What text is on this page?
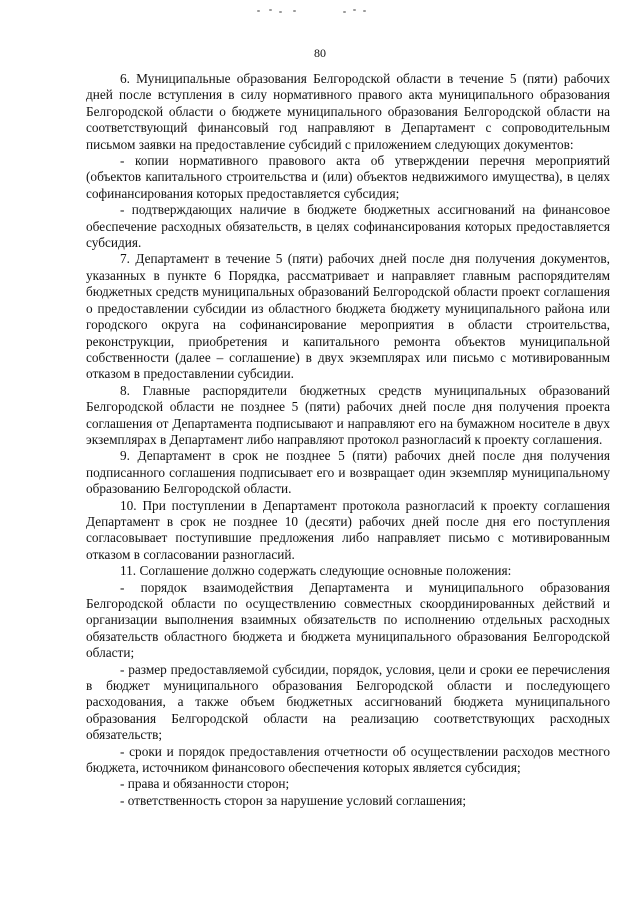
80

6. Муниципальные образования Белгородской области в течение 5 (пяти) рабочих дней после вступления в силу нормативного правого акта муниципального образования Белгородской области о бюджете муниципального образования Белгородской области на соответствующий финансовый год направляют в Департамент с сопроводительным письмом заявки на предоставление субсидий с приложением следующих документов:

- копии нормативного правового акта об утверждении перечня мероприятий (объектов капитального строительства и (или) объектов недвижимого имущества), в целях софинансирования которых предоставляется субсидия;

- подтверждающих наличие в бюджете бюджетных ассигнований на финансовое обеспечение расходных обязательств, в целях софинансирования которых предоставляется субсидия.

7. Департамент в течение 5 (пяти) рабочих дней после дня получения документов, указанных в пункте 6 Порядка, рассматривает и направляет главным распорядителям бюджетных средств муниципальных образований Белгородской области проект соглашения о предоставлении субсидии из областного бюджета бюджету муниципального района или городского округа на софинансирование мероприятия в области строительства, реконструкции, приобретения и капитального ремонта объектов муниципальной собственности (далее – соглашение) в двух экземплярах или письмо с мотивированным отказом в предоставлении субсидии.

8. Главные распорядители бюджетных средств муниципальных образований Белгородской области не позднее 5 (пяти) рабочих дней после дня получения проекта соглашения от Департамента подписывают и направляют его на бумажном носителе в двух экземплярах в Департамент либо направляют протокол разногласий к проекту соглашения.

9. Департамент в срок не позднее 5 (пяти) рабочих дней после дня получения подписанного соглашения подписывает его и возвращает один экземпляр муниципальному образованию Белгородской области.

10. При поступлении в Департамент протокола разногласий к проекту соглашения Департамент в срок не позднее 10 (десяти) рабочих дней после дня его поступления согласовывает поступившие предложения либо направляет письмо с мотивированным отказом в согласовании разногласий.

11. Соглашение должно содержать следующие основные положения:

- порядок взаимодействия Департамента и муниципального образования Белгородской области по осуществлению совместных скоординированных действий и организации выполнения взаимных обязательств по исполнению отдельных расходных обязательств областного бюджета и бюджета муниципального образования Белгородской области;

- размер предоставляемой субсидии, порядок, условия, цели и сроки ее перечисления в бюджет муниципального образования Белгородской области и последующего расходования, а также объем бюджетных ассигнований бюджета муниципального образования Белгородской области на реализацию соответствующих расходных обязательств;

- сроки и порядок предоставления отчетности об осуществлении расходов местного бюджета, источником финансового обеспечения которых является субсидия;

- права и обязанности сторон;

- ответственность сторон за нарушение условий соглашения;
